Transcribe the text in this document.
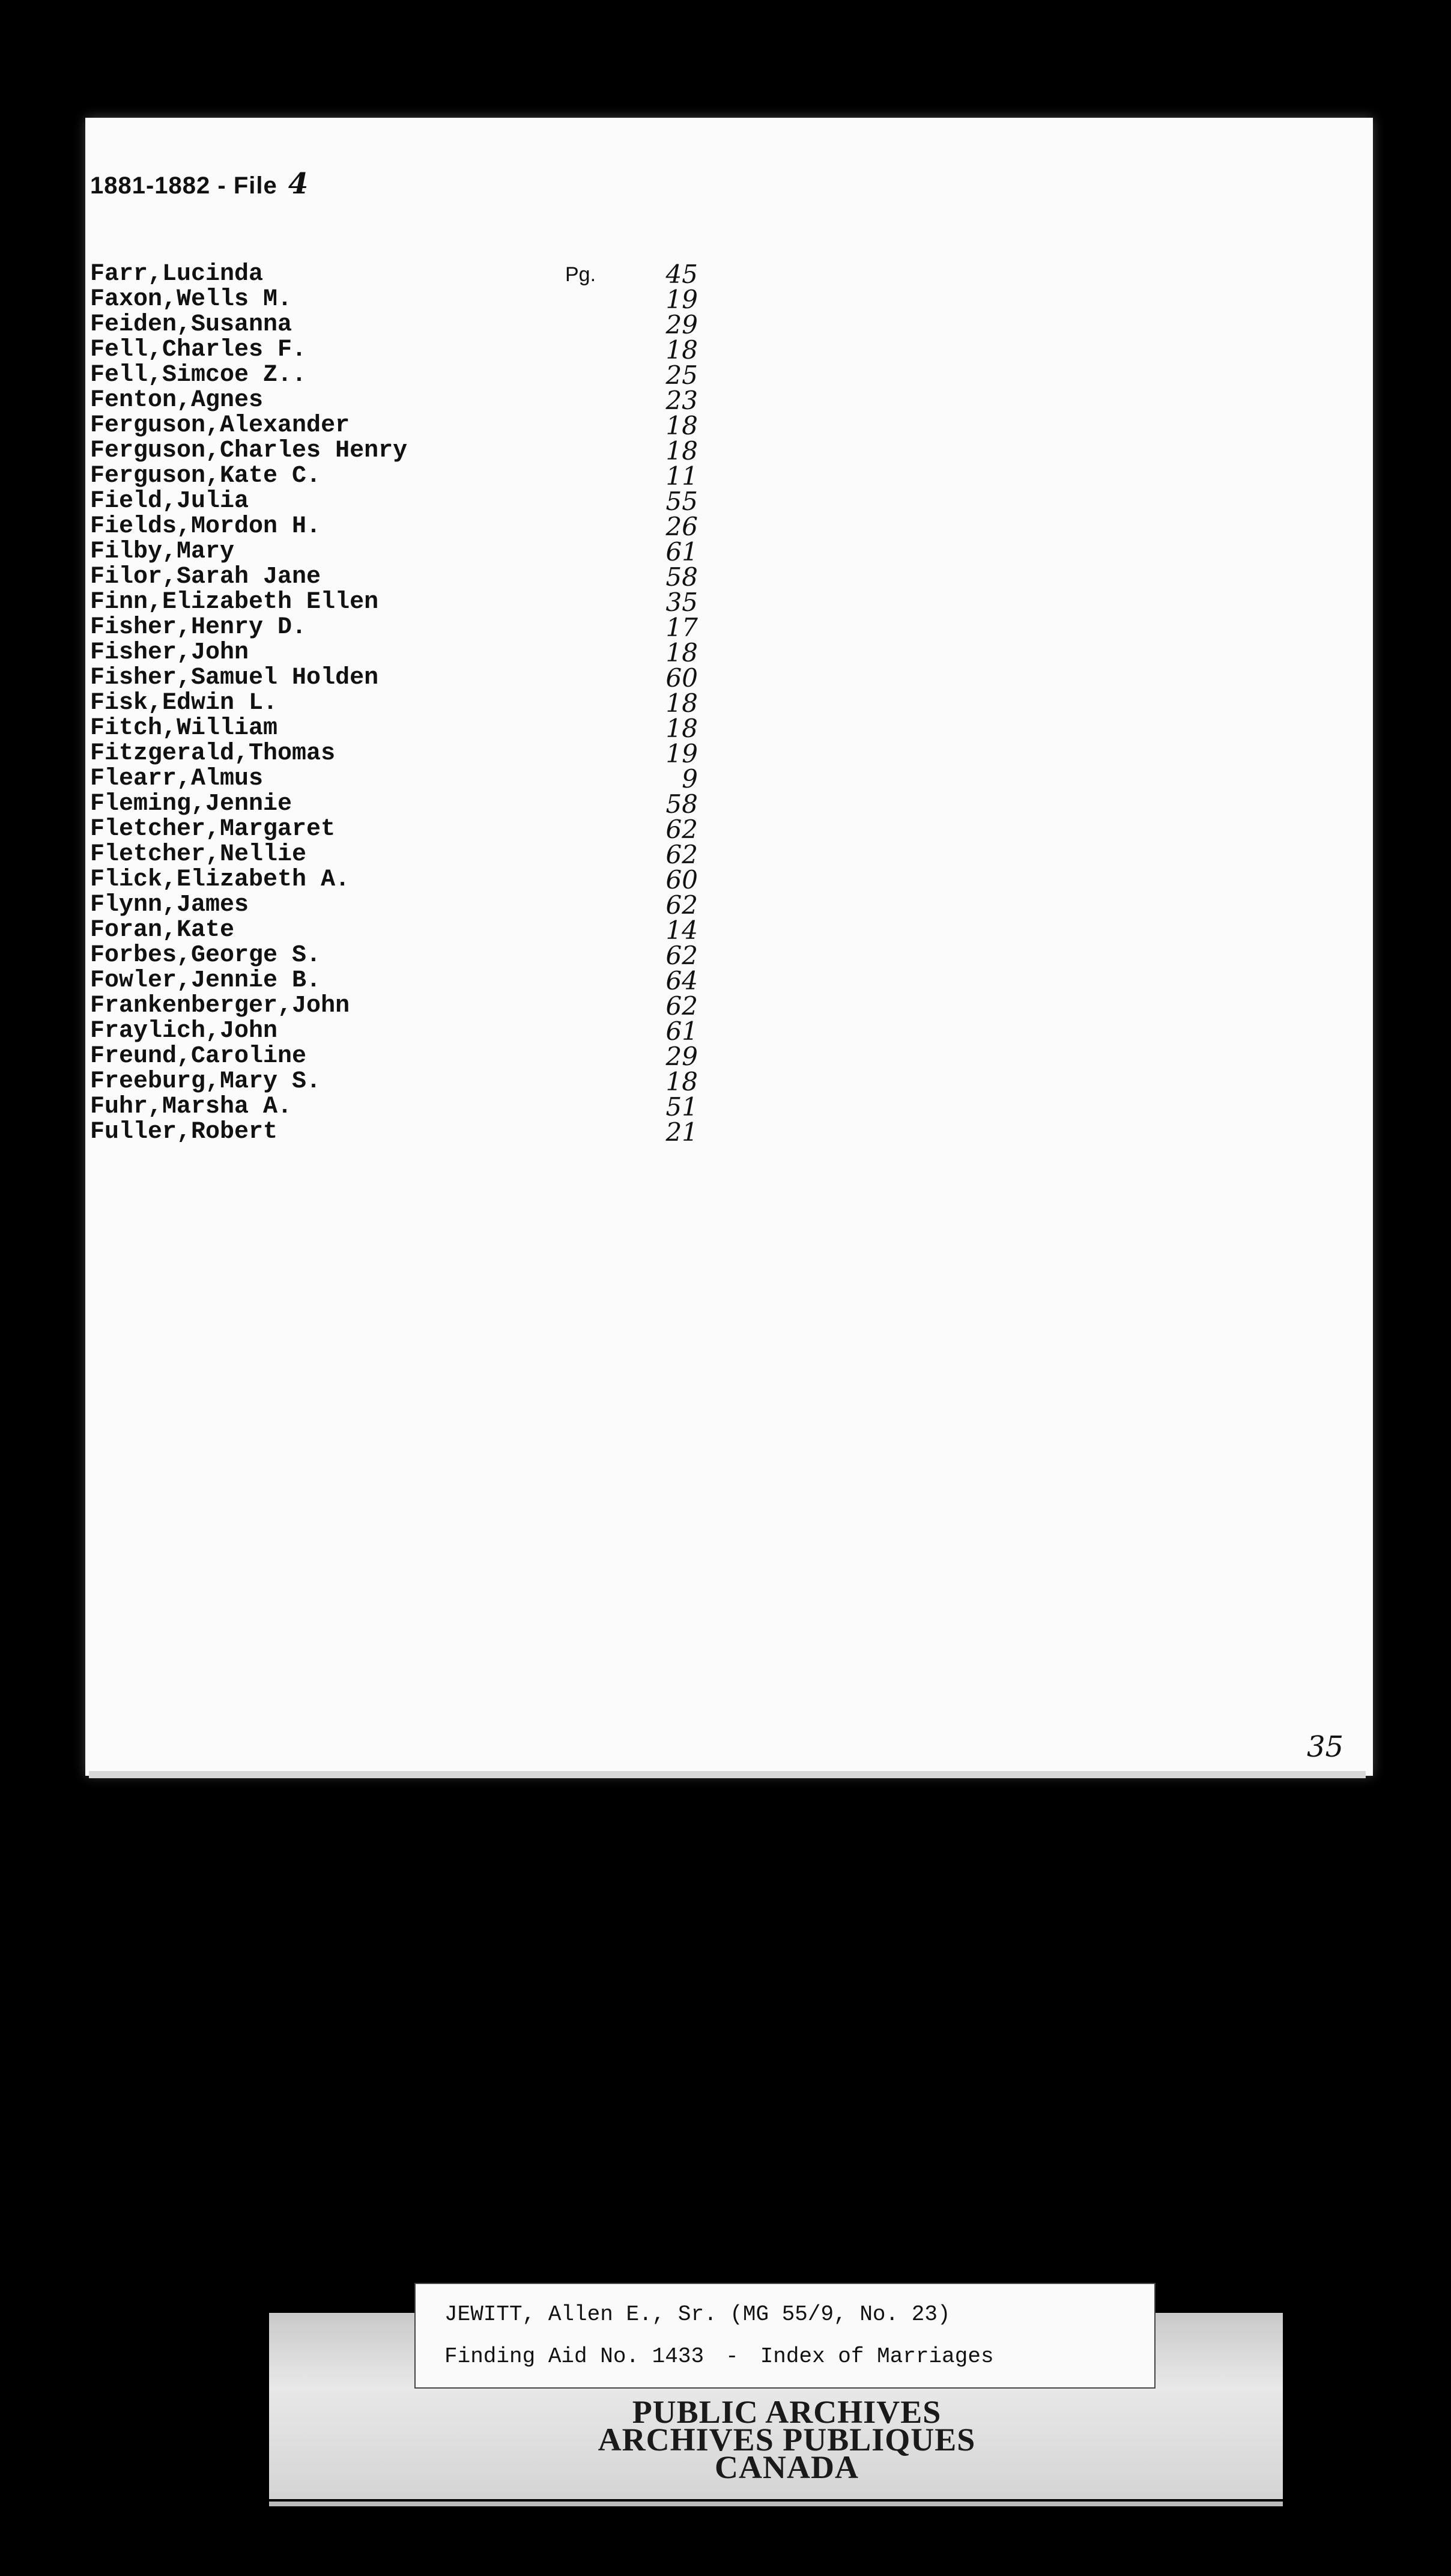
1881-1882 - File 4
Farr,Lucinda	Pg.	45
Faxon,Wells M.	19
Feiden,Susanna	29
Fell,Charles F.	18
Fell,Simcoe Z..	25
Fenton,Agnes	23
Ferguson,Alexander	18
Ferguson,Charles Henry	18
Ferguson,Kate C.	11
Field,Julia	55
Fields,Mordon H.	26
Filby,Mary	61
Filor,Sarah Jane	58
Finn,Elizabeth Ellen	35
Fisher,Henry D.	17
Fisher,John	18
Fisher,Samuel Holden	60
Fisk,Edwin L.	18
Fitch,William	18
Fitzgerald,Thomas	19
Flearr,Almus	9
Fleming,Jennie	58
Fletcher,Margaret	62
Fletcher,Nellie	62
Flick,Elizabeth A.	60
Flynn,James	62
Foran,Kate	14
Forbes,George S.	62
Fowler,Jennie B.	64
Frankenberger,John	62
Fraylich,John	61
Freund,Caroline	29
Freeburg,Mary S.	18
Fuhr,Marsha A.	51
Fuller,Robert	21
35
JEWITT, Allen E., Sr. (MG 55/9, No. 23)
Finding Aid No. 1433 - Index of Marriages
PUBLIC ARCHIVES
ARCHIVES PUBLIQUES
CANADA
